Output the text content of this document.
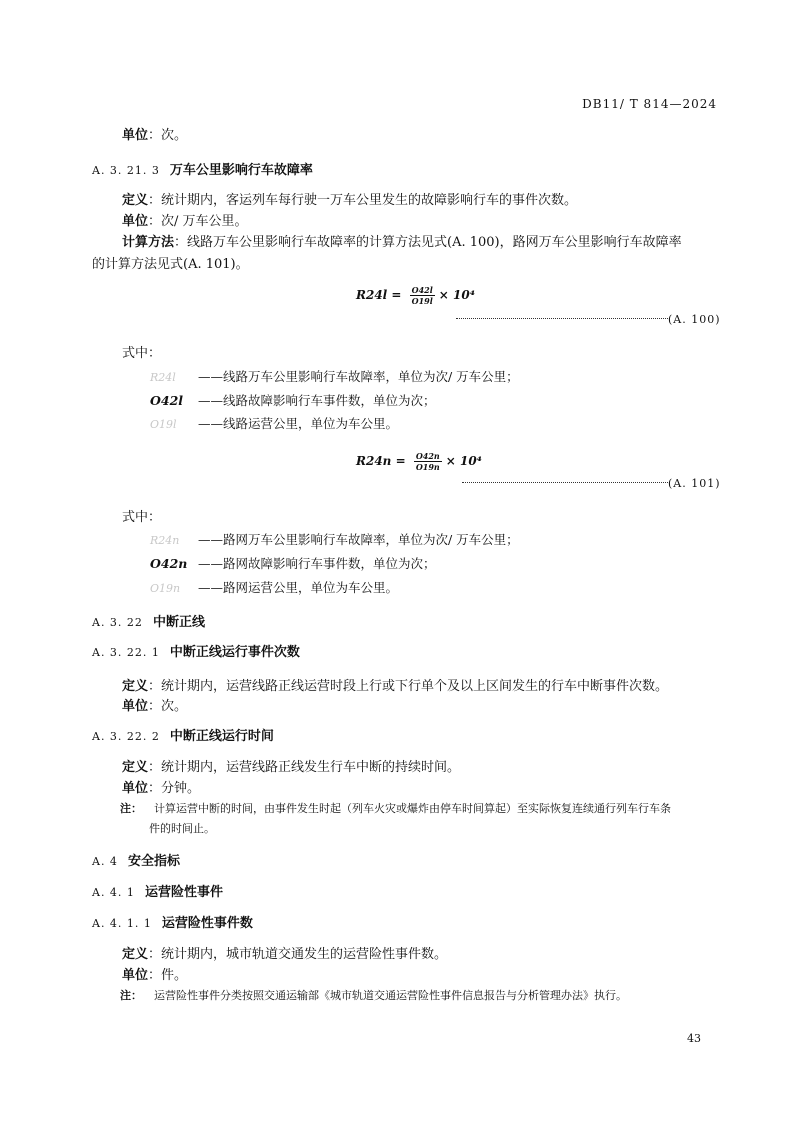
DB11/ T 814—2024
单位：次。
A. 3. 21. 3 万车公里影响行车故障率
定义：统计期内，客运列车每行驶一万车公里发生的故障影响行车的事件次数。
单位：次/ 万车公里。
计算方法：线路万车公里影响行车故障率的计算方法见式(A. 100)，路网万车公里影响行车故障率
的计算方法见式(A. 101)。
$R24l = \frac{O42l}{O19l} \times 10^4$
(A. 100)
式中：
R24l ——线路万车公里影响行车故障率，单位为次/ 万车公里；
O42l ——线路故障影响行车事件数，单位为次；
O19l ——线路运营公里，单位为车公里。
$R24n = \frac{O42n}{O19n} \times 10^4$
(A. 101)
式中：
R24n ——路网万车公里影响行车故障率，单位为次/ 万车公里；
O42n ——路网故障影响行车事件数，单位为次；
O19n ——路网运营公里，单位为车公里。
A. 3. 22 中断正线
A. 3. 22. 1 中断正线运行事件次数
定义：统计期内，运营线路正线运营时段上行或下行单个及以上区间发生的行车中断事件次数。
单位：次。
A. 3. 22. 2 中断正线运行时间
定义：统计期内，运营线路正线发生行车中断的持续时间。
单位：分钟。
注： 计算运营中断的时间，由事件发生时起（列车火灾或爆炸由停车时间算起）至实际恢复连续通行列车行车条
件的时间止。
A. 4 安全指标
A. 4. 1 运营险性事件
A. 4. 1. 1 运营险性事件数
定义：统计期内，城市轨道交通发生的运营险性事件数。
单位：件。
注： 运营险性事件分类按照交通运输部《城市轨道交通运营险性事件信息报告与分析管理办法》执行。
43
